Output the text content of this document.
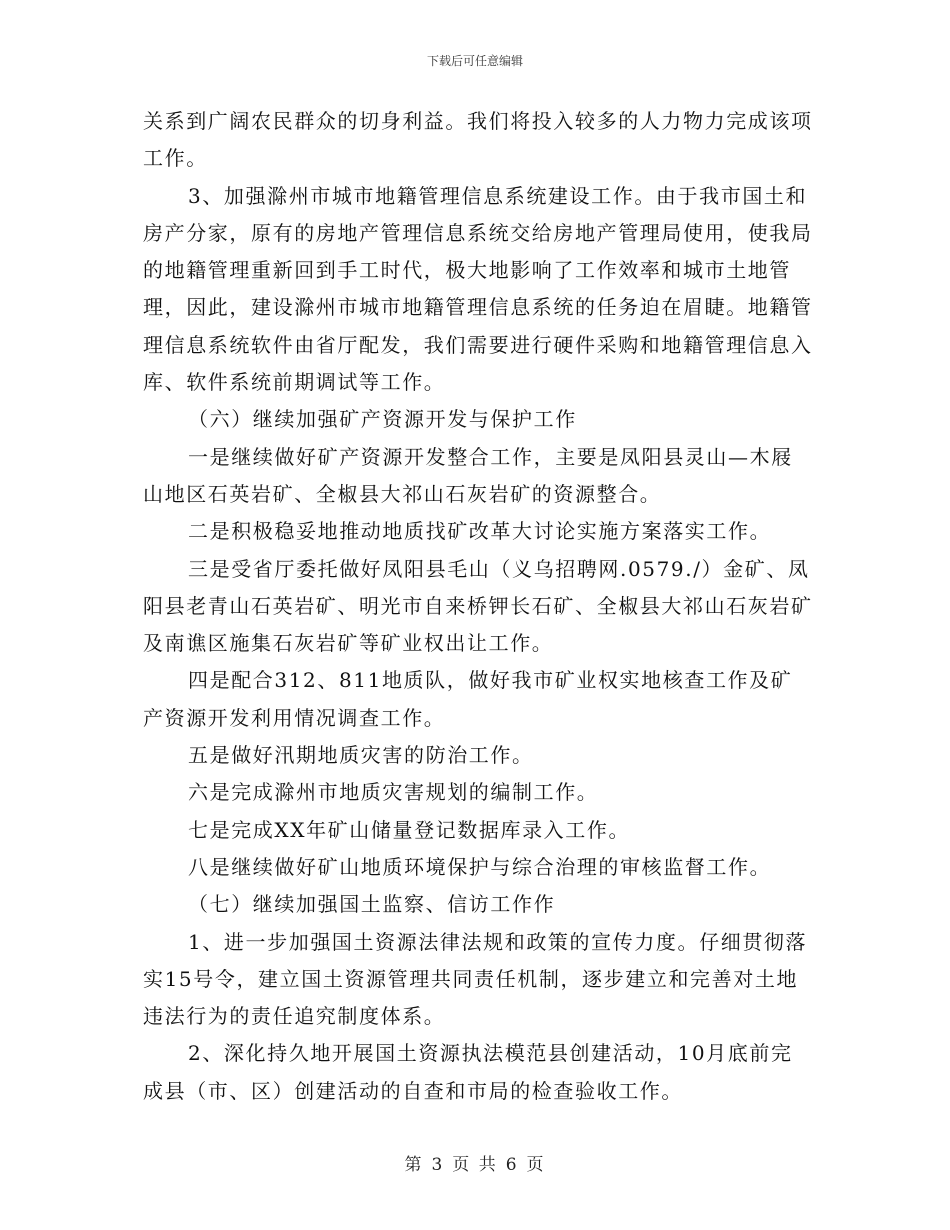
下载后可任意编辑

关系到广阔农民群众的切身利益。我们将投入较多的人力物力完成该项工作。

3、加强滁州市城市地籍管理信息系统建设工作。由于我市国土和房产分家，原有的房地产管理信息系统交给房地产管理局使用，使我局的地籍管理重新回到手工时代，极大地影响了工作效率和城市土地管理，因此，建设滁州市城市地籍管理信息系统的任务迫在眉睫。地籍管理信息系统软件由省厅配发，我们需要进行硬件采购和地籍管理信息入库、软件系统前期调试等工作。

（六）继续加强矿产资源开发与保护工作

一是继续做好矿产资源开发整合工作，主要是凤阳县灵山—木屐山地区石英岩矿、全椒县大祁山石灰岩矿的资源整合。

二是积极稳妥地推动地质找矿改革大讨论实施方案落实工作。

三是受省厅委托做好凤阳县毛山（义乌招聘网.0579./）金矿、凤阳县老青山石英岩矿、明光市自来桥钾长石矿、全椒县大祁山石灰岩矿及南谯区施集石灰岩矿等矿业权出让工作。

四是配合312、811地质队，做好我市矿业权实地核查工作及矿产资源开发利用情况调查工作。

五是做好汛期地质灾害的防治工作。

六是完成滁州市地质灾害规划的编制工作。

七是完成XX年矿山储量登记数据库录入工作。

八是继续做好矿山地质环境保护与综合治理的审核监督工作。

（七）继续加强国土监察、信访工作作

1、进一步加强国土资源法律法规和政策的宣传力度。仔细贯彻落实15号令，建立国土资源管理共同责任机制，逐步建立和完善对土地违法行为的责任追究制度体系。

2、深化持久地开展国土资源执法模范县创建活动，10月底前完成县（市、区）创建活动的自查和市局的检查验收工作。

第 3 页 共 6 页
